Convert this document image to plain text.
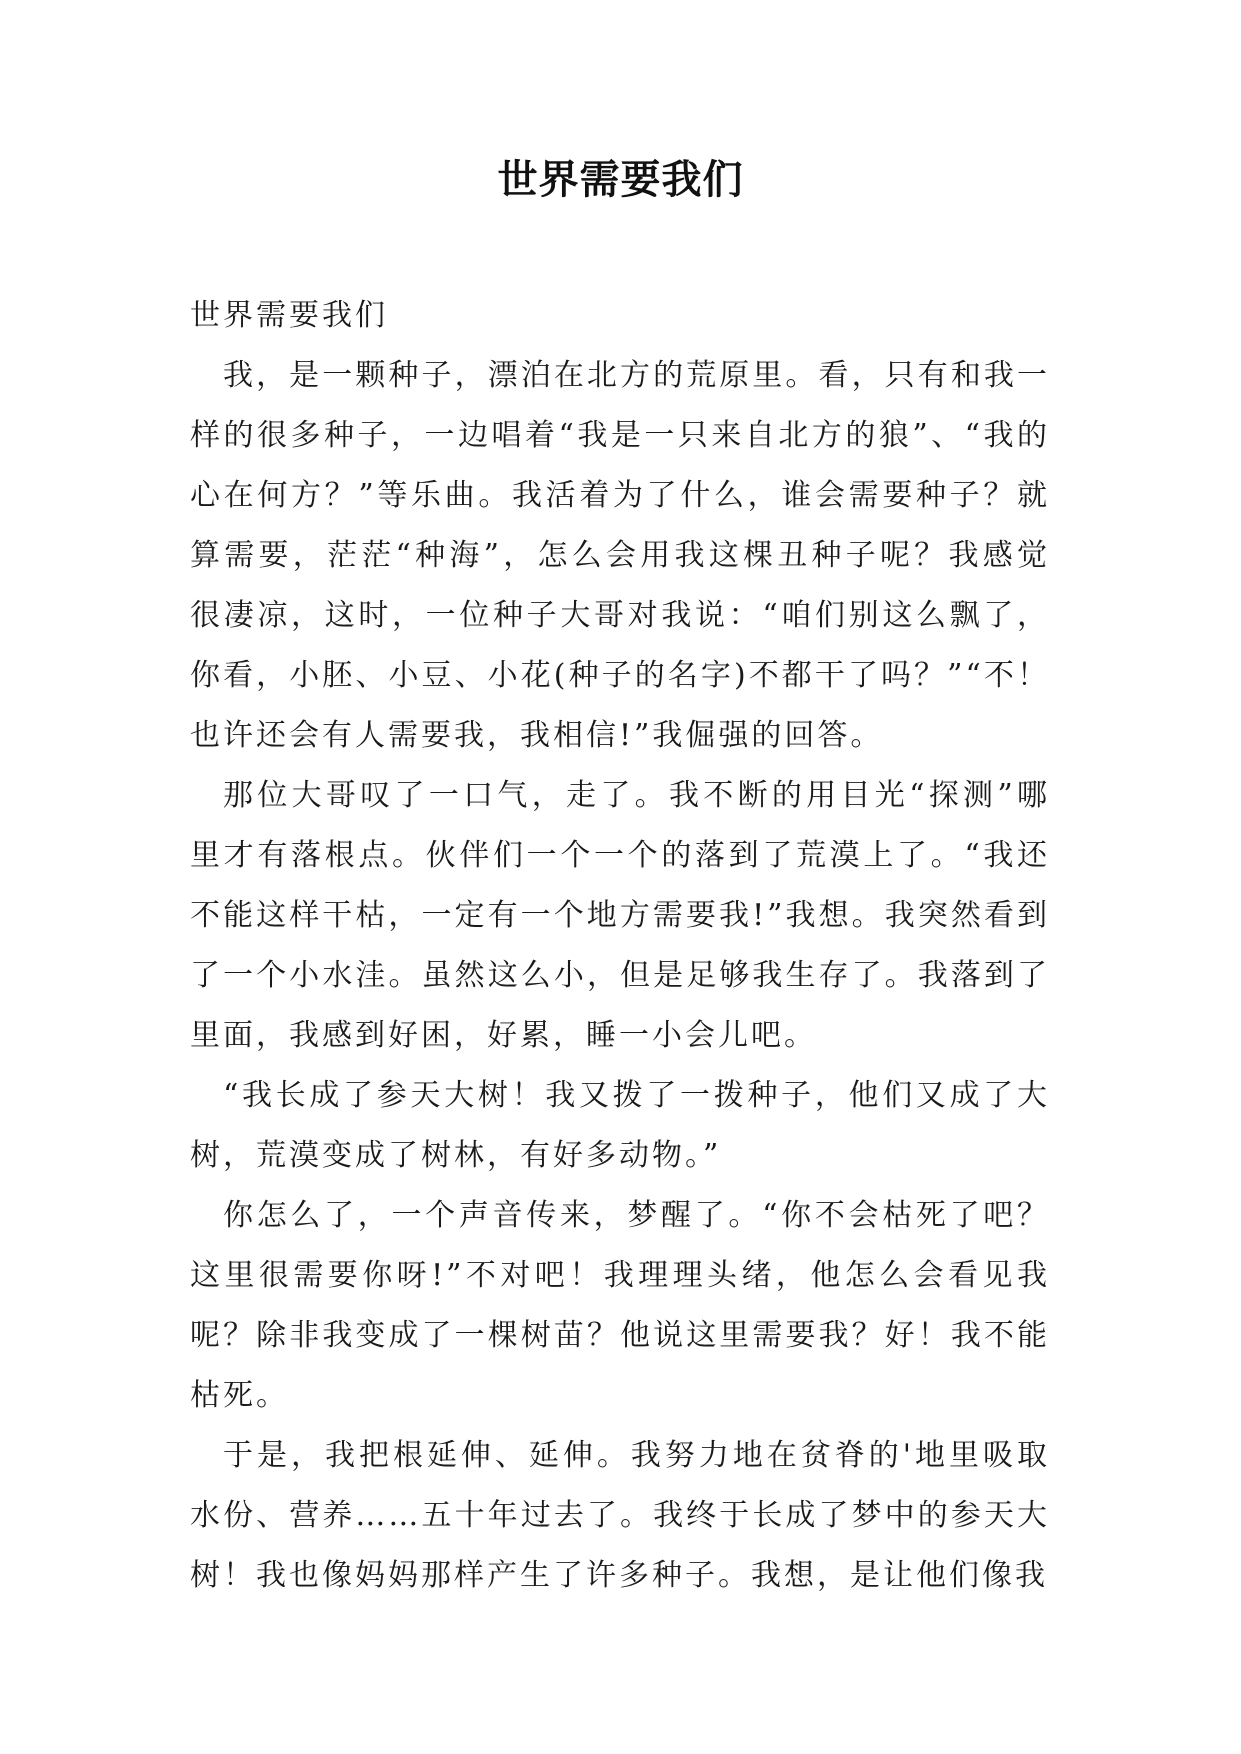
世界需要我们

世界需要我们

我，是一颗种子，漂泊在北方的荒原里。看，只有和我一样的很多种子，一边唱着“我是一只来自北方的狼”、“我的心在何方？”等乐曲。我活着为了什么，谁会需要种子？就算需要，茫茫“种海”，怎么会用我这棵丑种子呢？我感觉很凄凉，这时，一位种子大哥对我说：“咱们别这么飘了，你看，小胚、小豆、小花(种子的名字)不都干了吗？”“不！也许还会有人需要我，我相信!”我倔强的回答。

那位大哥叹了一口气，走了。我不断的用目光“探测”哪里才有落根点。伙伴们一个一个的落到了荒漠上了。“我还不能这样干枯，一定有一个地方需要我!”我想。我突然看到了一个小水洼。虽然这么小，但是足够我生存了。我落到了里面，我感到好困，好累，睡一小会儿吧。

“我长成了参天大树！我又拨了一拨种子，他们又成了大树，荒漠变成了树林，有好多动物。”

你怎么了，一个声音传来，梦醒了。“你不会枯死了吧？这里很需要你呀!”不对吧！我理理头绪，他怎么会看见我呢？除非我变成了一棵树苗？他说这里需要我？好！我不能枯死。

于是，我把根延伸、延伸。我努力地在贫脊的'地里吸取水份、营养……五十年过去了。我终于长成了梦中的参天大树！我也像妈妈那样产生了许多种子。我想，是让他们像我
